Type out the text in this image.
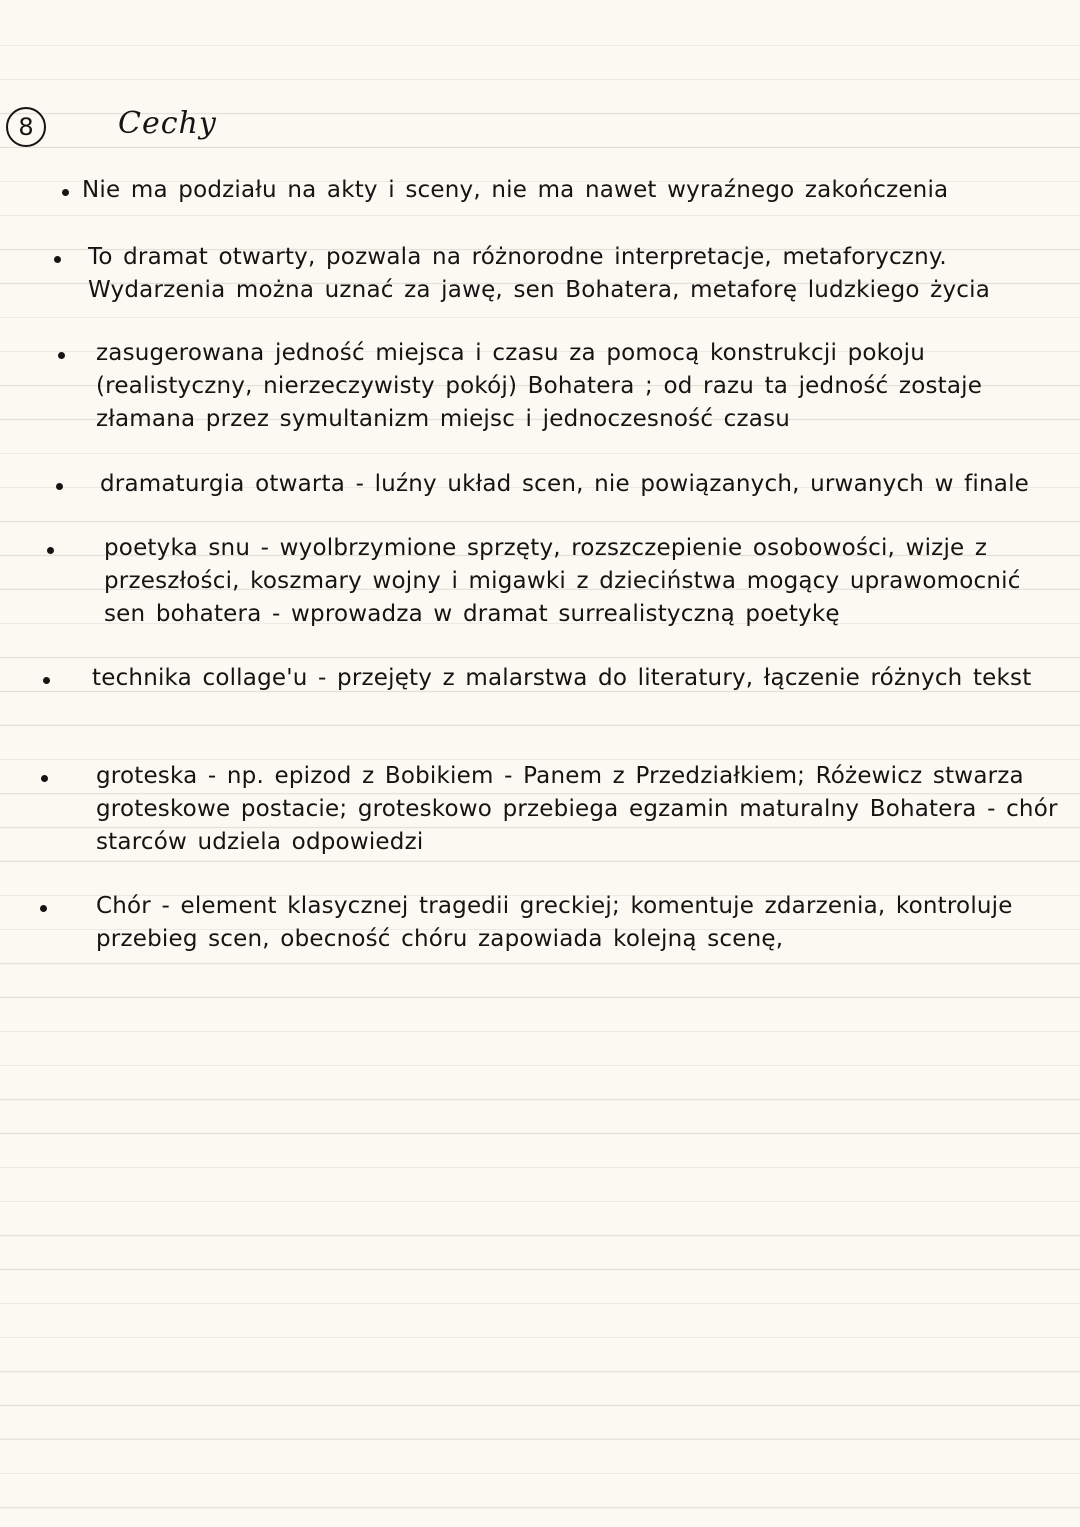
8	Cechy
Nie ma podziału na akty i sceny, nie ma nawet wyraźnego zakończenia
To dramat otwarty, pozwala na różnorodne interpretacje, metaforyczny. Wydarzenia można uznać za jawę, sen Bohatera, metaforę ludzkiego życia
zasugerowana jedność miejsca i czasu za pomocą konstrukcji pokoju (realistyczny, nierzeczywisty pokój) Bohatera ; od razu ta jedność zostaje złamana przez symultanizm miejsc i jednoczesność czasu
dramaturgia otwarta - luźny układ scen, nie powiązanych, urwanych w finale
poetyka snu - wyolbrzymione sprzęty, rozszczepienie osobowości, wizje z przeszłości, koszmary wojny i migawki z dzieciństwa mogący uprawomocnić sen bohatera - wprowadza w dramat surrealistyczną poetykę
technika collage'u - przejęty z malarstwa do literatury, łączenie różnych tekst
groteska - np. epizod z Bobikiem - Panem z Przedziałkiem; Różewicz stwarza groteskowe postacie; groteskowo przebiega egzamin maturalny Bohatera - chór starców udziela odpowiedzi
Chór - element klasycznej tragedii greckiej; komentuje zdarzenia, kontroluje przebieg scen, obecność chóru zapowiada kolejną scenę,
